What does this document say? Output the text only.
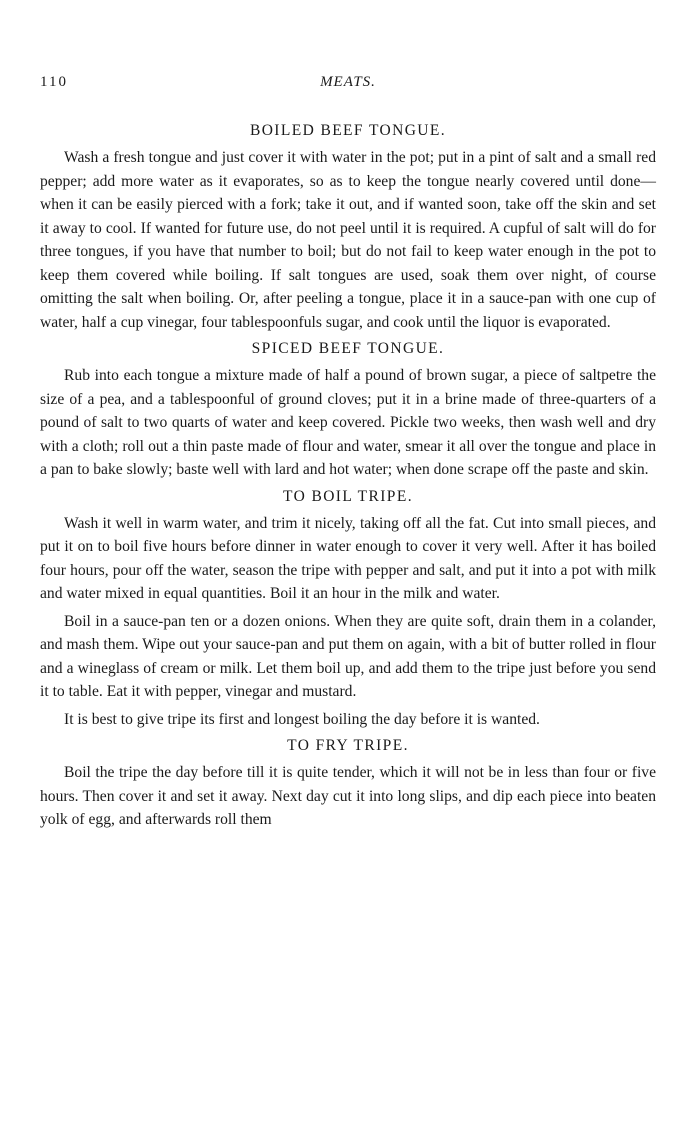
110	MEATS.
BOILED BEEF TONGUE.

Wash a fresh tongue and just cover it with water in the pot; put in a pint of salt and a small red pepper; add more water as it evaporates, so as to keep the tongue nearly covered until done—when it can be easily pierced with a fork; take it out, and if wanted soon, take off the skin and set it away to cool. If wanted for future use, do not peel until it is required. A cupful of salt will do for three tongues, if you have that number to boil; but do not fail to keep water enough in the pot to keep them covered while boiling. If salt tongues are used, soak them over night, of course omitting the salt when boiling. Or, after peeling a tongue, place it in a sauce-pan with one cup of water, half a cup vinegar, four tablespoonfuls sugar, and cook until the liquor is evaporated.

SPICED BEEF TONGUE.

Rub into each tongue a mixture made of half a pound of brown sugar, a piece of saltpetre the size of a pea, and a tablespoonful of ground cloves; put it in a brine made of three-quarters of a pound of salt to two quarts of water and keep covered. Pickle two weeks, then wash well and dry with a cloth; roll out a thin paste made of flour and water, smear it all over the tongue and place in a pan to bake slowly; baste well with lard and hot water; when done scrape off the paste and skin.

TO BOIL TRIPE.

Wash it well in warm water, and trim it nicely, taking off all the fat. Cut into small pieces, and put it on to boil five hours before dinner in water enough to cover it very well. After it has boiled four hours, pour off the water, season the tripe with pepper and salt, and put it into a pot with milk and water mixed in equal quantities. Boil it an hour in the milk and water.

Boil in a sauce-pan ten or a dozen onions. When they are quite soft, drain them in a colander, and mash them. Wipe out your sauce-pan and put them on again, with a bit of butter rolled in flour and a wineglass of cream or milk. Let them boil up, and add them to the tripe just before you send it to table. Eat it with pepper, vinegar and mustard.

It is best to give tripe its first and longest boiling the day before it is wanted.

TO FRY TRIPE.

Boil the tripe the day before till it is quite tender, which it will not be in less than four or five hours. Then cover it and set it away. Next day cut it into long slips, and dip each piece into beaten yolk of egg, and afterwards roll them
